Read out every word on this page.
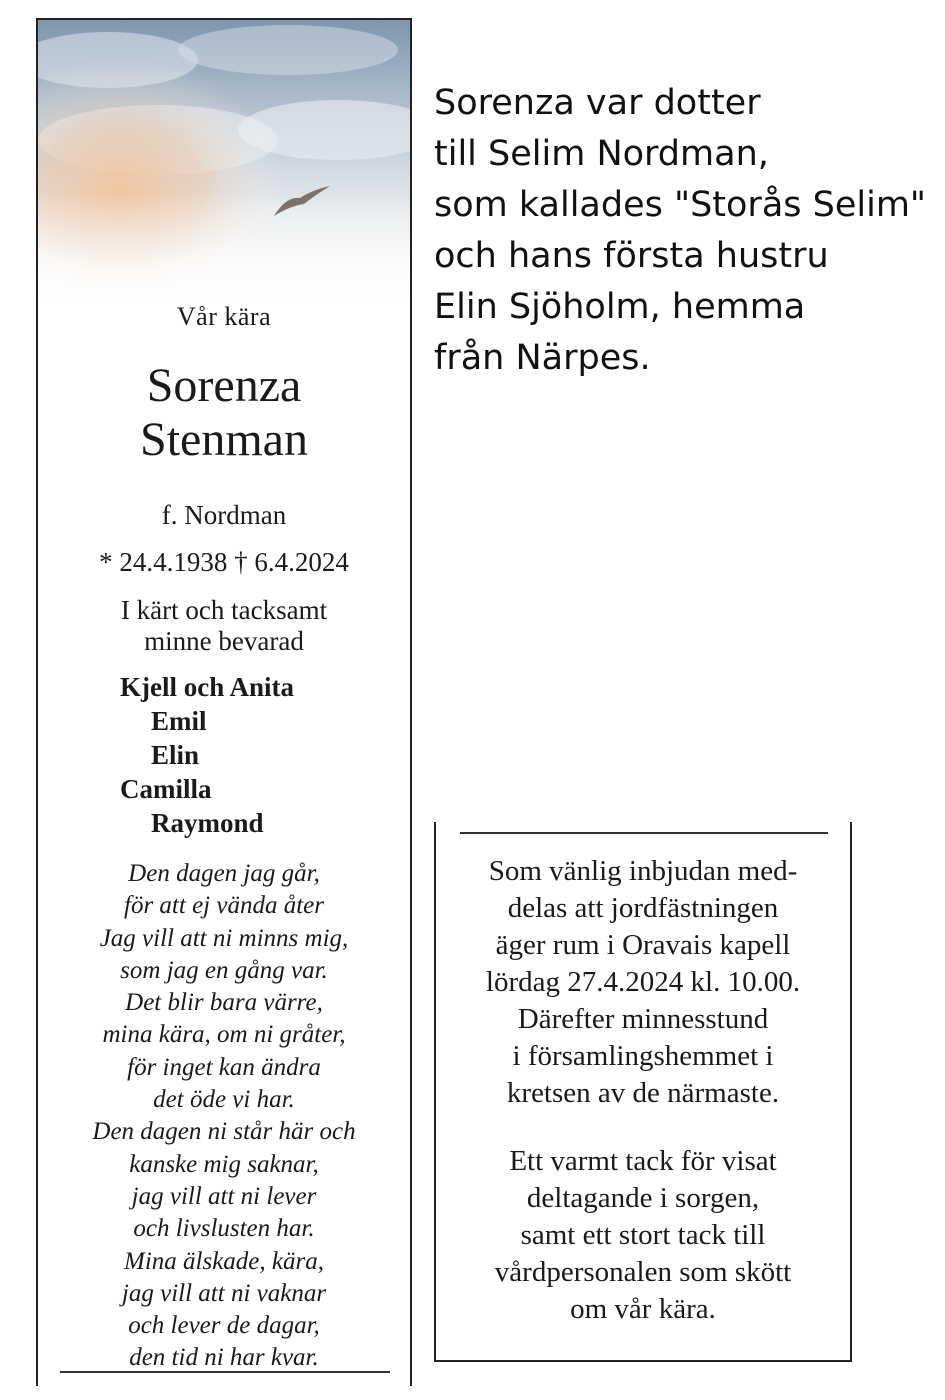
Vår kära
Sorenza
Stenman
f. Nordman
* 24.4.1938 † 6.4.2024
I kärt och tacksamt
minne bevarad
Kjell och Anita
Emil
Elin
Camilla
Raymond
Den dagen jag går,
för att ej vända åter
Jag vill att ni minns mig,
som jag en gång var.
Det blir bara värre,
mina kära, om ni gråter,
för inget kan ändra
det öde vi har.
Den dagen ni står här och
kanske mig saknar,
jag vill att ni lever
och livslusten har.
Mina älskade, kära,
jag vill att ni vaknar
och lever de dagar,
den tid ni har kvar.
Sorenza var dotter
till Selim Nordman,
som kallades "Storås Selim"
och hans första hustru
Elin Sjöholm, hemma
från Närpes.
Som vänlig inbjudan med-
delas att jordfästningen
äger rum i Oravais kapell
lördag 27.4.2024 kl. 10.00.
Därefter minnesstund
i församlingshemmet i
kretsen av de närmaste.
Ett varmt tack för visat
deltagande i sorgen,
samt ett stort tack till
vårdpersonalen som skött
om vår kära.
